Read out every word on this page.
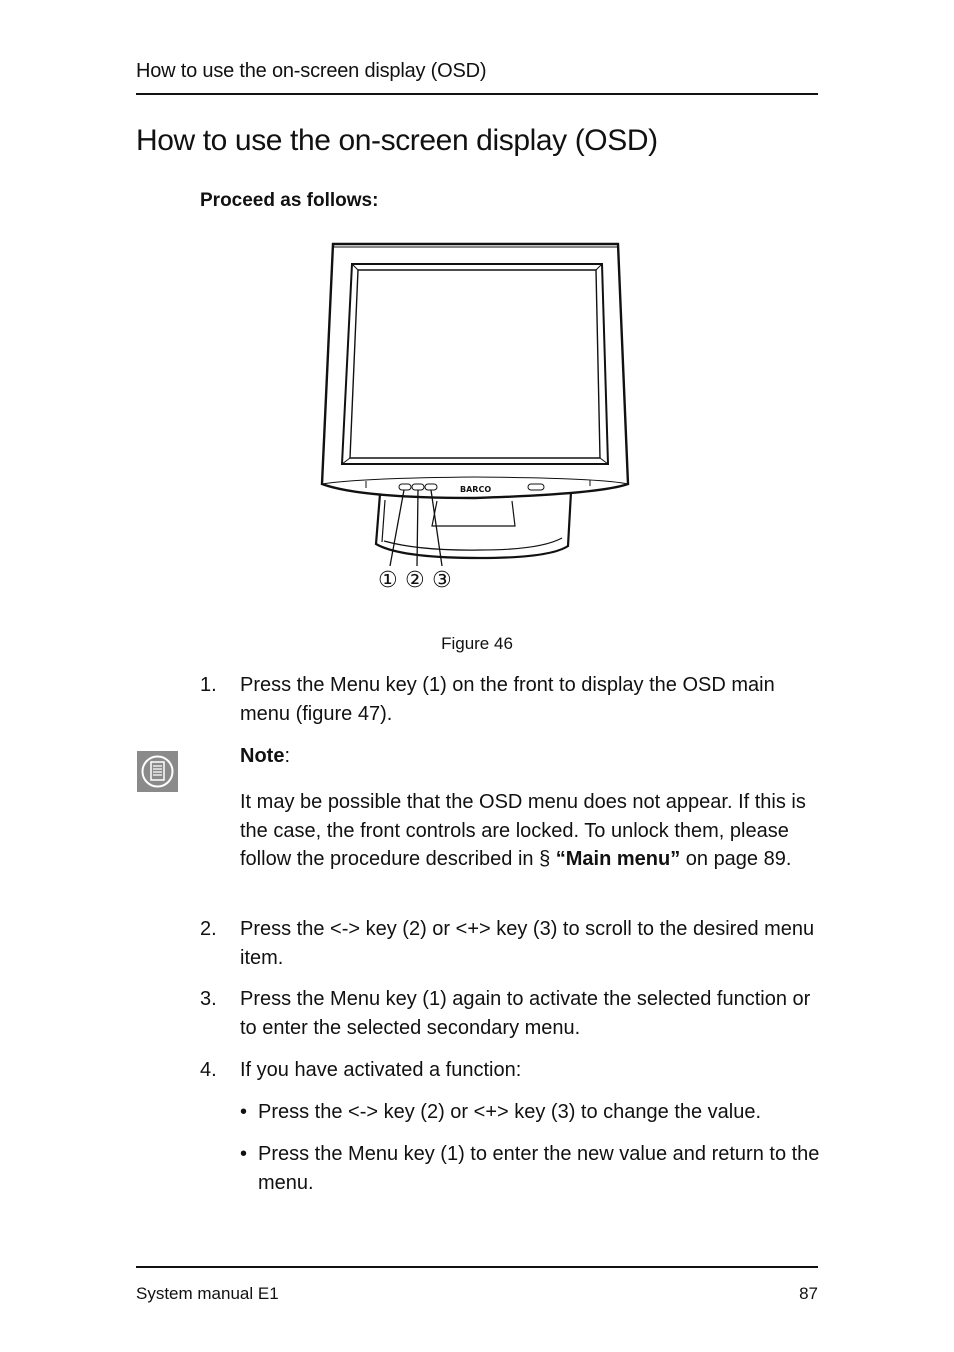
How to use the on-screen display (OSD)
How to use the on-screen display (OSD)
Proceed as follows:
BARCO
① ② ③
Figure 46
1. Press the Menu key (1) on the front to display the OSD main menu (figure 47).
Note:
It may be possible that the OSD menu does not appear. If this is the case, the front controls are locked. To unlock them, please follow the procedure described in § “Main menu” on page 89.
2. Press the <-> key (2) or <+> key (3) to scroll to the desired menu item.
3. Press the Menu key (1) again to activate the selected function or to enter the selected secondary menu.
4. If you have activated a function:
• Press the <-> key (2) or <+> key (3) to change the value.
• Press the Menu key (1) to enter the new value and return to the menu.
System manual E1	87
